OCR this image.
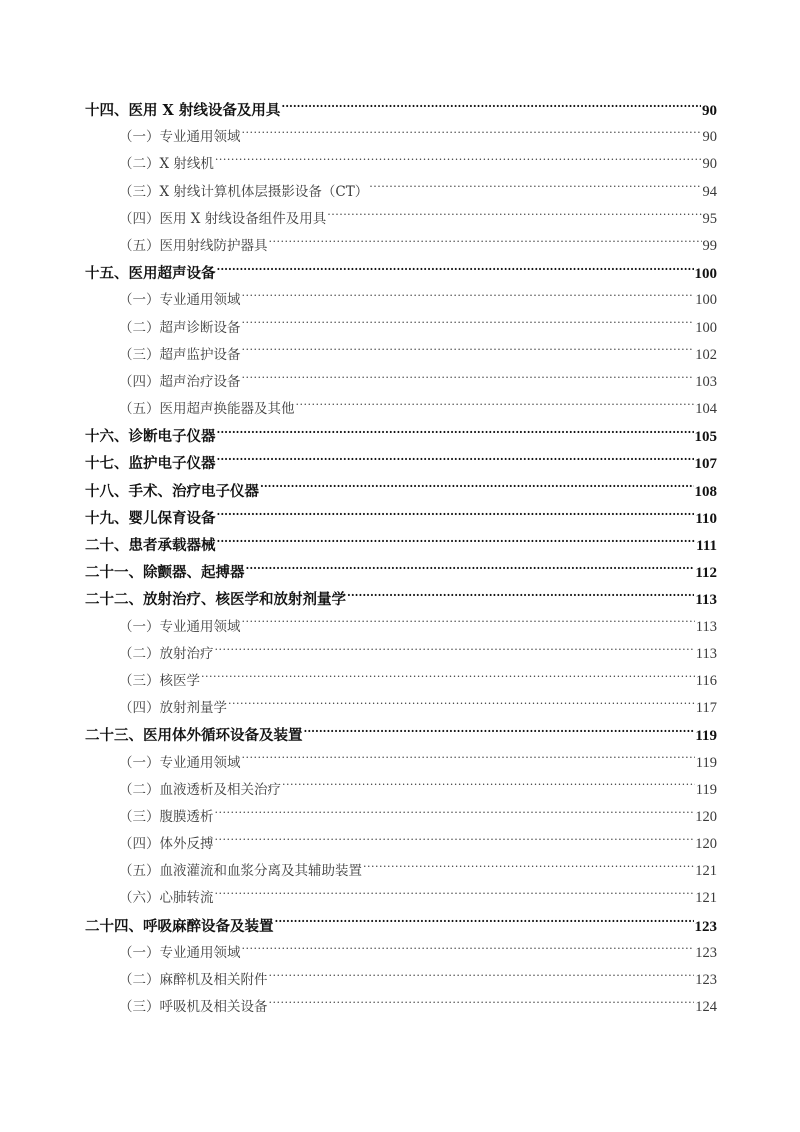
十四、医用 X 射线设备及用具 .....	90
（一）专业通用领域 .....	90
（二）X 射线机 .....	90
（三）X 射线计算机体层摄影设备（CT） .....	94
（四）医用 X 射线设备组件及用具 .....	95
（五）医用射线防护器具 .....	99
十五、医用超声设备 .....	100
（一）专业通用领域 .....	100
（二）超声诊断设备 .....	100
（三）超声监护设备 .....	102
（四）超声治疗设备 .....	103
（五）医用超声换能器及其他 .....	104
十六、诊断电子仪器 .....	105
十七、监护电子仪器 .....	107
十八、手术、治疗电子仪器 .....	108
十九、婴儿保育设备 .....	110
二十、患者承载器械 .....	111
二十一、除颤器、起搏器 .....	112
二十二、放射治疗、核医学和放射剂量学 .....	113
（一）专业通用领域 .....	113
（二）放射治疗 .....	113
（三）核医学 .....	116
（四）放射剂量学 .....	117
二十三、医用体外循环设备及装置 .....	119
（一）专业通用领域 .....	119
（二）血液透析及相关治疗 .....	119
（三）腹膜透析 .....	120
（四）体外反搏 .....	120
（五）血液灌流和血浆分离及其辅助装置 .....	121
（六）心肺转流 .....	121
二十四、呼吸麻醉设备及装置 .....	123
（一）专业通用领域 .....	123
（二）麻醉机及相关附件 .....	123
（三）呼吸机及相关设备 .....	124
